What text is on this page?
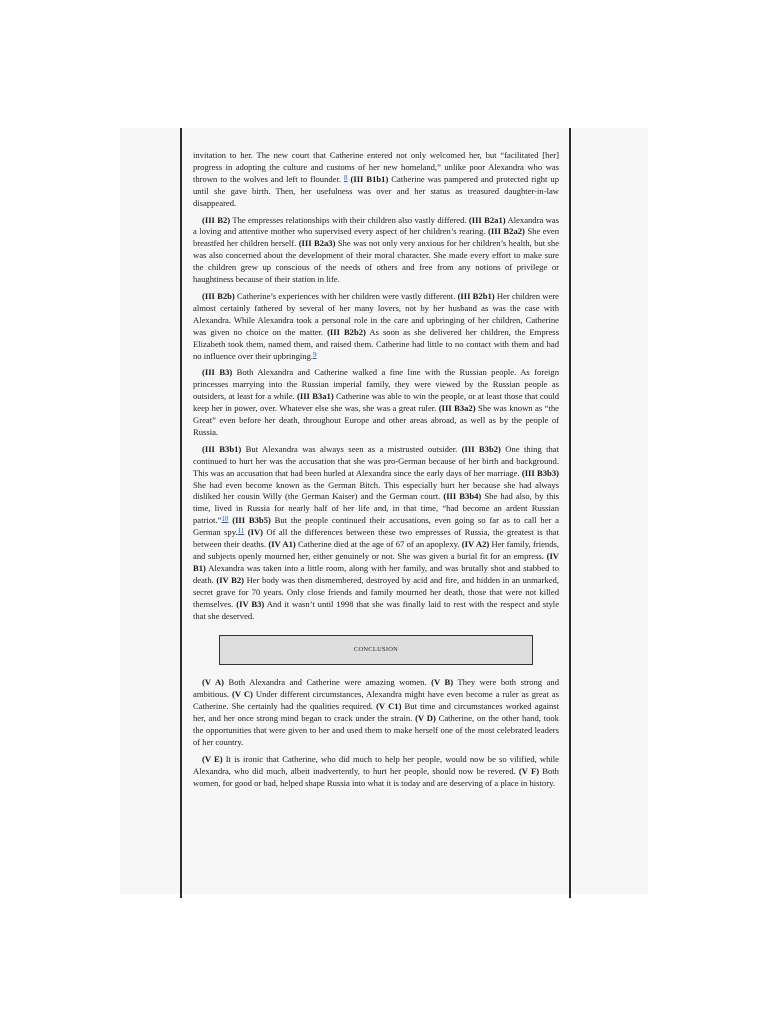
invitation to her. The new court that Catherine entered not only welcomed her, but “facilitated [her] progress in adopting the culture and customs of her new homeland,” unlike poor Alexandra who was thrown to the wolves and left to flounder. $^8$ (III B1b1) Catherine was pampered and protected right up until she gave birth. Then, her usefulness was over and her status as treasured daughter-in-law disappeared.

(III B2) The empresses relationships with their children also vastly differed. (III B2a1) Alexandra was a loving and attentive mother who supervised every aspect of her children’s rearing. (III B2a2) She even breastfed her children herself. (III B2a3) She was not only very anxious for her children’s health, but she was also concerned about the development of their moral character. She made every effort to make sure the children grew up conscious of the needs of others and free from any notions of privilege or haughtiness because of their station in life.

(III B2b) Catherine’s experiences with her children were vastly different. (III B2b1) Her children were almost certainly fathered by several of her many lovers, not by her husband as was the case with Alexandra. While Alexandra took a personal role in the care and upbringing of her children, Catherine was given no choice on the matter. (III B2b2) As soon as she delivered her children, the Empress Elizabeth took them, named them, and raised them. Catherine had little to no contact with them and had no influence over their upbringing.$^9$

(III B3) Both Alexandra and Catherine walked a fine line with the Russian people. As foreign princesses marrying into the Russian imperial family, they were viewed by the Russian people as outsiders, at least for a while. (III B3a1) Catherine was able to win the people, or at least those that could keep her in power, over. Whatever else she was, she was a great ruler. (III B3a2) She was known as “the Great” even before her death, throughout Europe and other areas abroad, as well as by the people of Russia.

(III B3b1) But Alexandra was always seen as a mistrusted outsider. (III B3b2) One thing that continued to hurt her was the accusation that she was pro-German because of her birth and background. This was an accusation that had been hurled at Alexandra since the early days of her marriage. (III B3b3) She had even become known as the German Bitch. This especially hurt her because she had always disliked her cousin Willy (the German Kaiser) and the German court. (III B3b4) She had also, by this time, lived in Russia for nearly half of her life and, in that time, “had become an ardent Russian patriot.”$^{10}$ (III B3b5) But the people continued their accusations, even going so far as to call her a German spy.$^{11}$ (IV) Of all the differences between these two empresses of Russia, the greatest is that between their deaths. (IV A1) Catherine died at the age of 67 of an apoplexy. (IV A2) Her family, friends, and subjects openly mourned her, either genuinely or not. She was given a burial fit for an empress. (IV B1) Alexandra was taken into a little room, along with her family, and was brutally shot and stabbed to death. (IV B2) Her body was then dismembered, destroyed by acid and fire, and hidden in an unmarked, secret grave for 70 years. Only close friends and family mourned her death, those that were not killed themselves. (IV B3) And it wasn’t until 1998 that she was finally laid to rest with the respect and style that she deserved.

CONCLUSION

(V A) Both Alexandra and Catherine were amazing women. (V B) They were both strong and ambitious. (V C) Under different circumstances, Alexandra might have even become a ruler as great as Catherine. She certainly had the qualities required. (V C1) But time and circumstances worked against her, and her once strong mind began to crack under the strain. (V D) Catherine, on the other hand, took the opportunities that were given to her and used them to make herself one of the most celebrated leaders of her country.

(V E) It is ironic that Catherine, who did much to help her people, would now be so vilified, while Alexandra, who did much, albeit inadvertently, to hurt her people, should now be revered. (V F) Both women, for good or bad, helped shape Russia into what it is today and are deserving of a place in history.
